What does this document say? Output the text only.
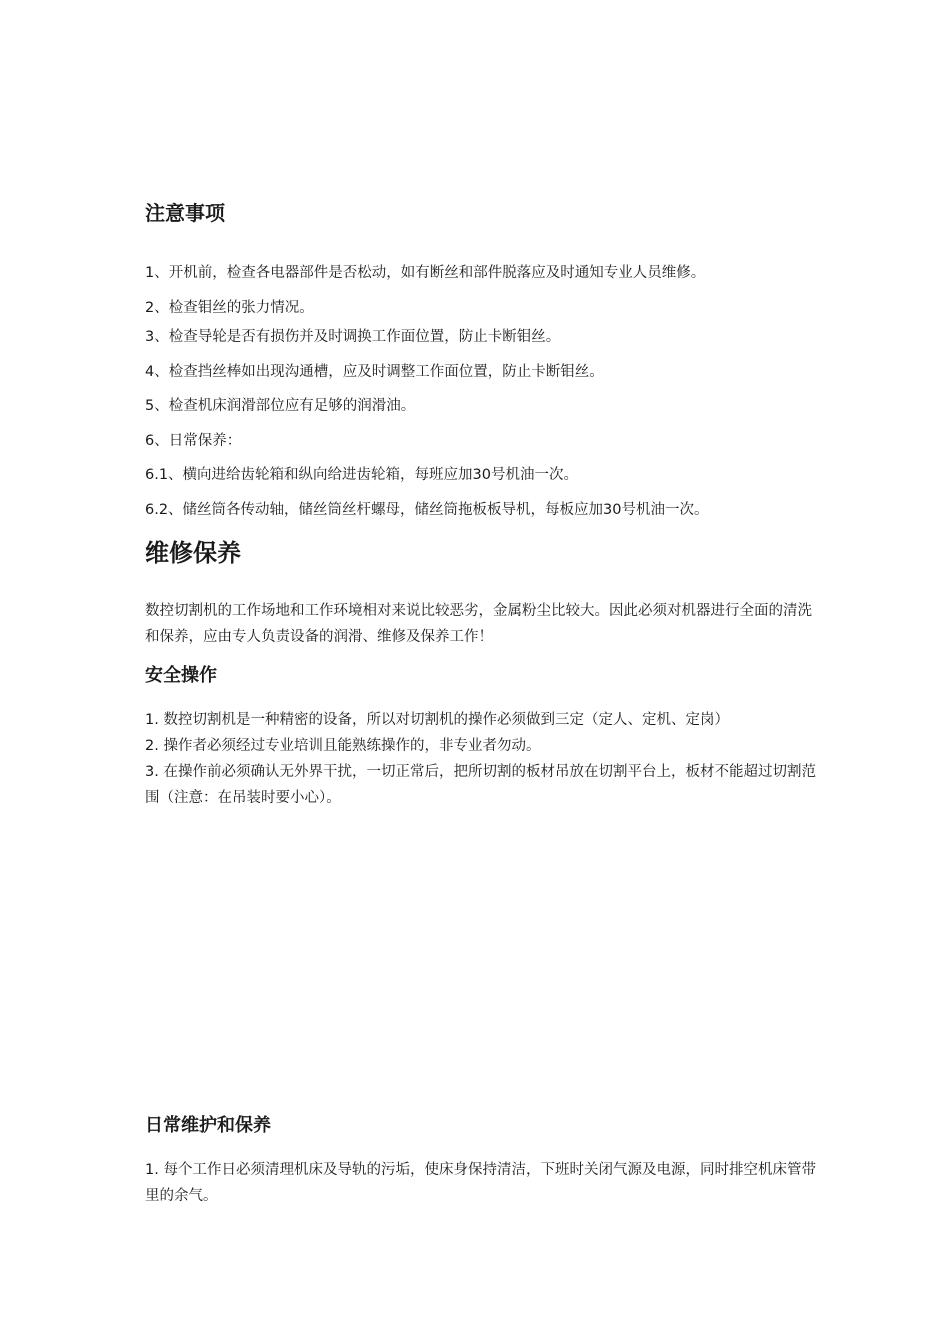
注意事项

1、开机前，检查各电器部件是否松动，如有断丝和部件脱落应及时通知专业人员维修。

2、检查钼丝的张力情况。

3、检查导轮是否有损伤并及时调换工作面位置，防止卡断钼丝。

4、检查挡丝棒如出现沟通槽，应及时调整工作面位置，防止卡断钼丝。

5、检查机床润滑部位应有足够的润滑油。

6、日常保养：

6.1、横向进给齿轮箱和纵向给进齿轮箱，每班应加30号机油一次。

6.2、储丝筒各传动轴，储丝筒丝杆螺母，储丝筒拖板板导机，每板应加30号机油一次。

维修保养

数控切割机的工作场地和工作环境相对来说比较恶劣，金属粉尘比较大。因此必须对机器进行全面的清洗和保养，应由专人负责设备的润滑、维修及保养工作！

安全操作

1. 数控切割机是一种精密的设备，所以对切割机的操作必须做到三定（定人、定机、定岗）

2. 操作者必须经过专业培训且能熟练操作的，非专业者勿动。

3. 在操作前必须确认无外界干扰，一切正常后，把所切割的板材吊放在切割平台上，板材不能超过切割范围（注意：在吊装时要小心）。

日常维护和保养

1. 每个工作日必须清理机床及导轨的污垢，使床身保持清洁，下班时关闭气源及电源，同时排空机床管带里的余气。
